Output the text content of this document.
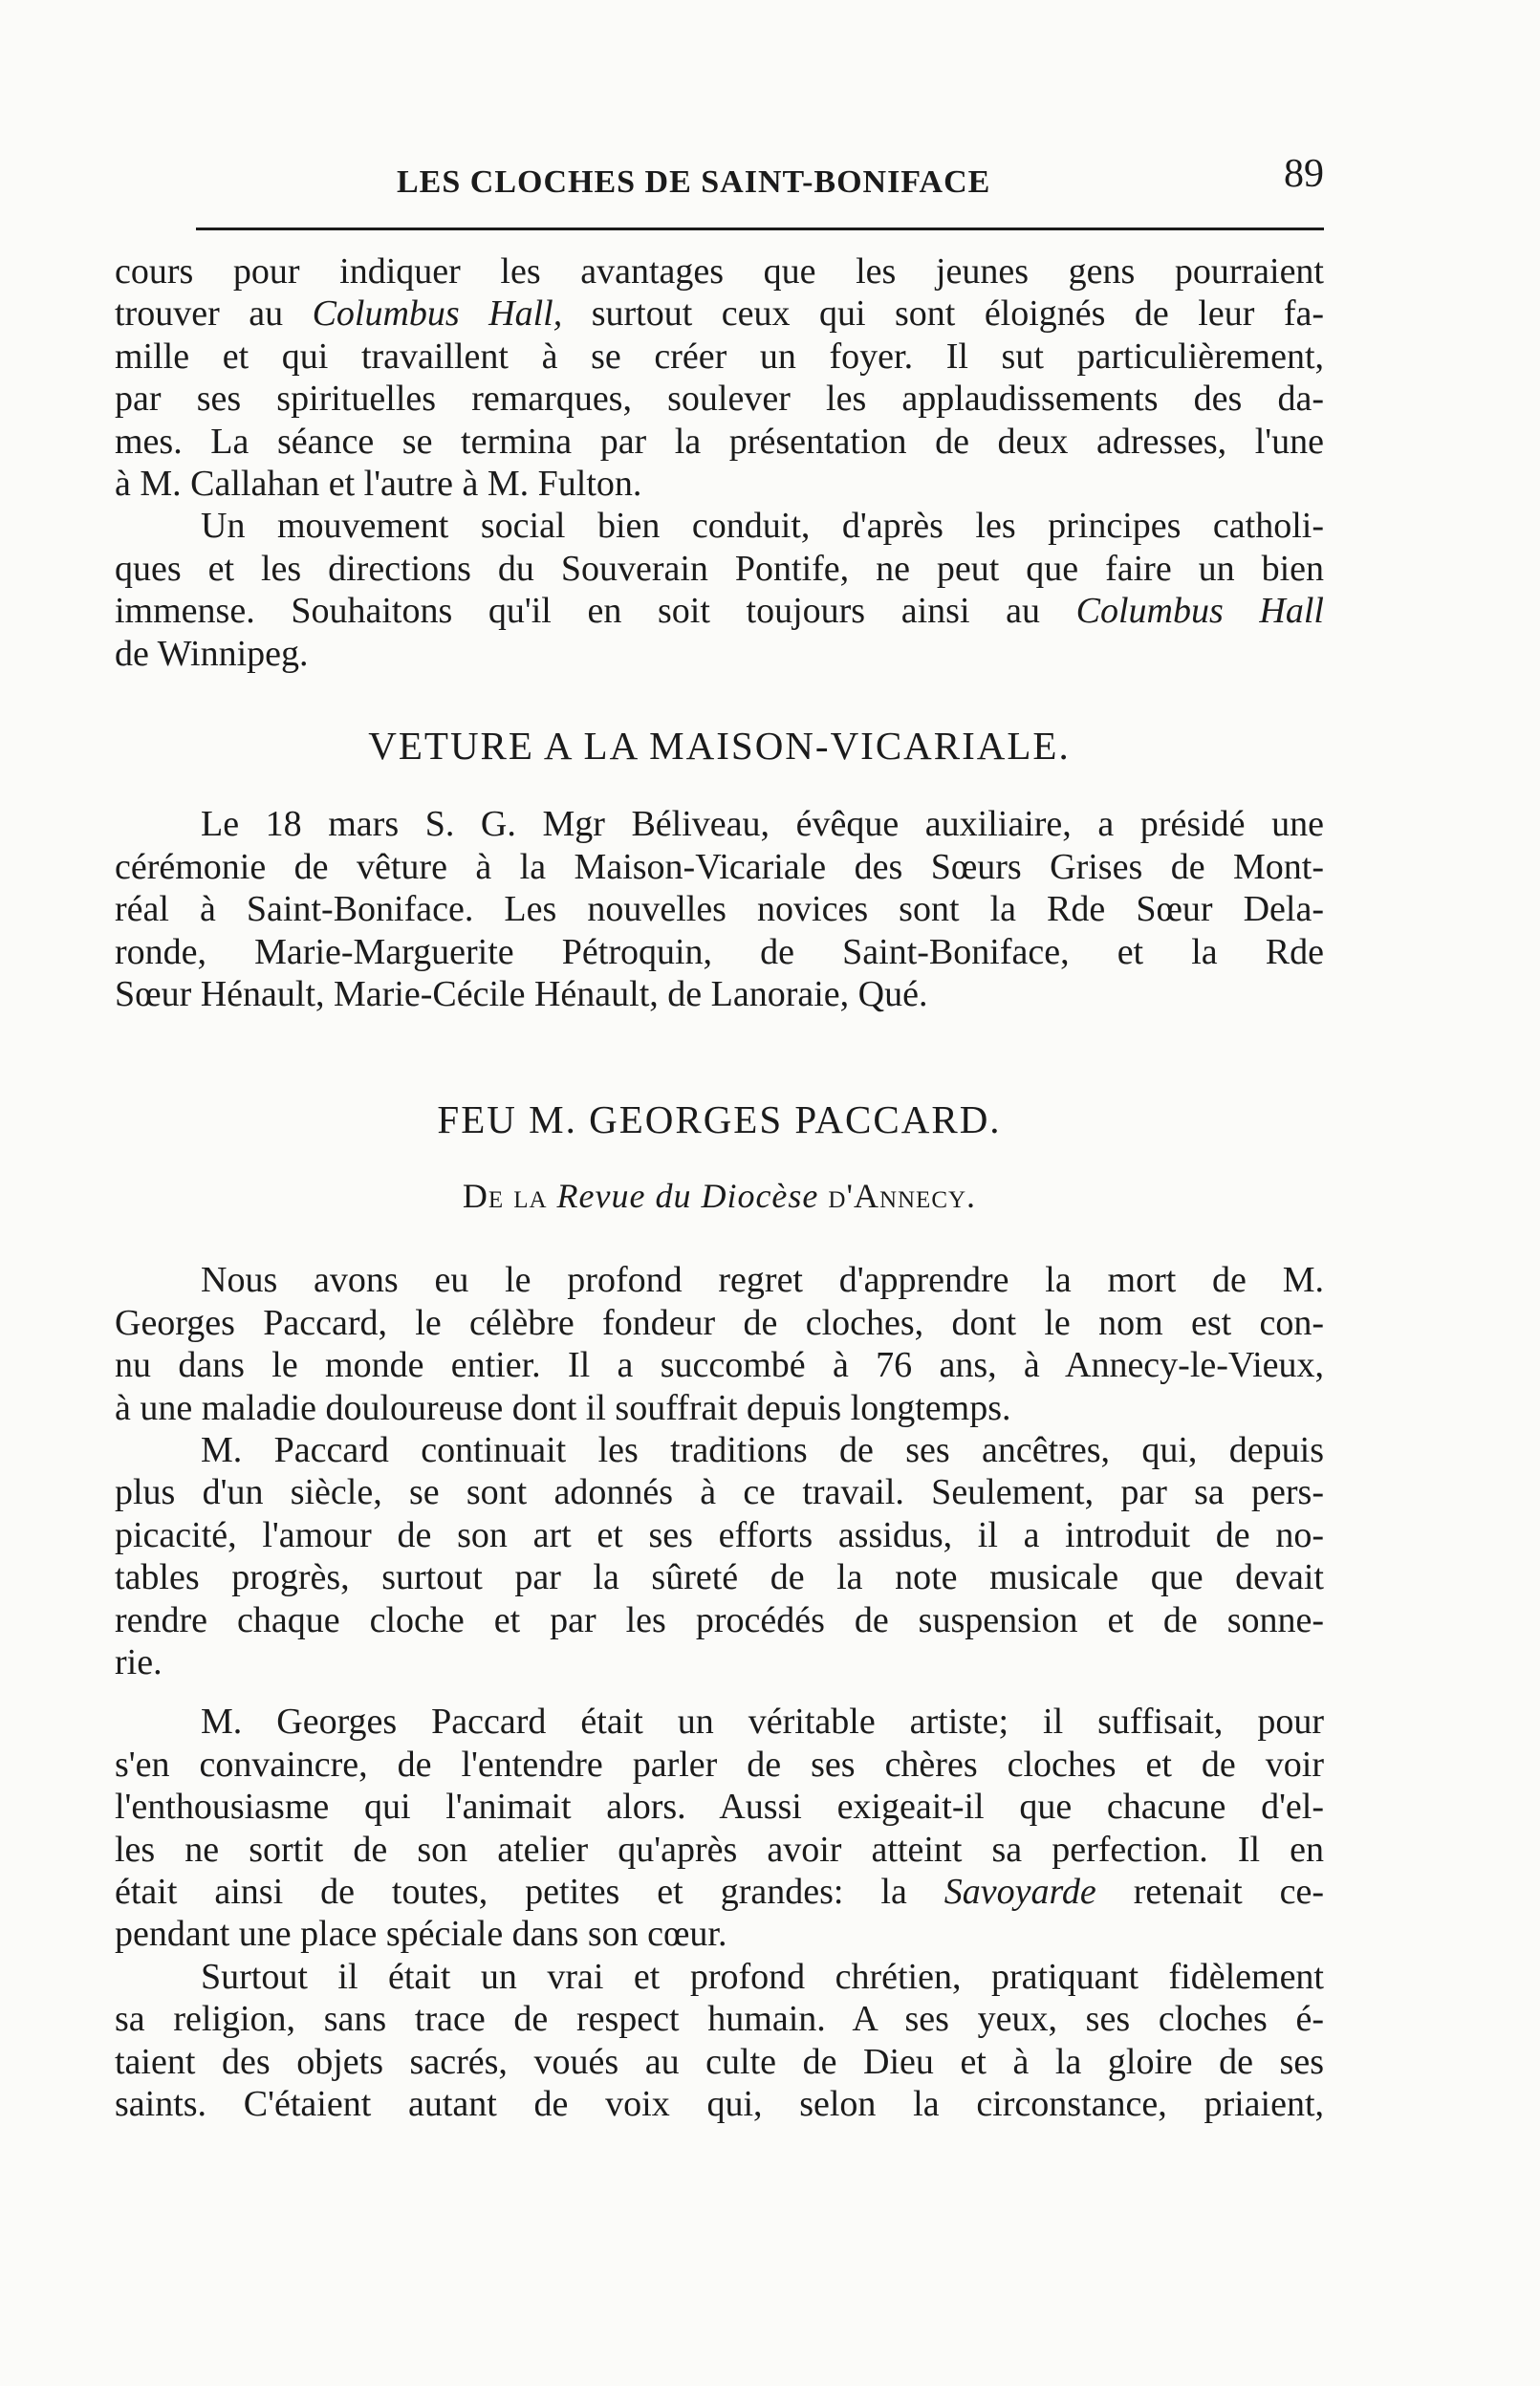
LES CLOCHES DE SAINT-BONIFACE	89
cours pour indiquer les avantages que les jeunes gens pourraient
trouver au Columbus Hall, surtout ceux qui sont éloignés de leur fa-
mille et qui travaillent à se créer un foyer. Il sut particulièrement,
par ses spirituelles remarques, soulever les applaudissements des da-
mes. La séance se termina par la présentation de deux adresses, l'une
à M. Callahan et l'autre à M. Fulton.
Un mouvement social bien conduit, d'après les principes catholi-
ques et les directions du Souverain Pontife, ne peut que faire un bien
immense. Souhaitons qu'il en soit toujours ainsi au Columbus Hall
de Winnipeg.
VETURE A LA MAISON-VICARIALE.
Le 18 mars S. G. Mgr Béliveau, évêque auxiliaire, a présidé une
cérémonie de vêture à la Maison-Vicariale des Sœurs Grises de Mont-
réal à Saint-Boniface. Les nouvelles novices sont la Rde Sœur Dela-
ronde, Marie-Marguerite Pétroquin, de Saint-Boniface, et la Rde
Sœur Hénault, Marie-Cécile Hénault, de Lanoraie, Qué.
FEU M. GEORGES PACCARD.
De la Revue du Diocèse d'Annecy.
Nous avons eu le profond regret d'apprendre la mort de M.
Georges Paccard, le célèbre fondeur de cloches, dont le nom est con-
nu dans le monde entier. Il a succombé à 76 ans, à Annecy-le-Vieux,
à une maladie douloureuse dont il souffrait depuis longtemps.
M. Paccard continuait les traditions de ses ancêtres, qui, depuis
plus d'un siècle, se sont adonnés à ce travail. Seulement, par sa pers-
picacité, l'amour de son art et ses efforts assidus, il a introduit de no-
tables progrès, surtout par la sûreté de la note musicale que devait
rendre chaque cloche et par les procédés de suspension et de sonne-
rie.
M. Georges Paccard était un véritable artiste; il suffisait, pour
s'en convaincre, de l'entendre parler de ses chères cloches et de voir
l'enthousiasme qui l'animait alors. Aussi exigeait-il que chacune d'el-
les ne sortit de son atelier qu'après avoir atteint sa perfection. Il en
était ainsi de toutes, petites et grandes: la Savoyarde retenait ce-
pendant une place spéciale dans son cœur.
Surtout il était un vrai et profond chrétien, pratiquant fidèlement
sa religion, sans trace de respect humain. A ses yeux, ses cloches é-
taient des objets sacrés, voués au culte de Dieu et à la gloire de ses
saints. C'étaient autant de voix qui, selon la circonstance, priaient,
